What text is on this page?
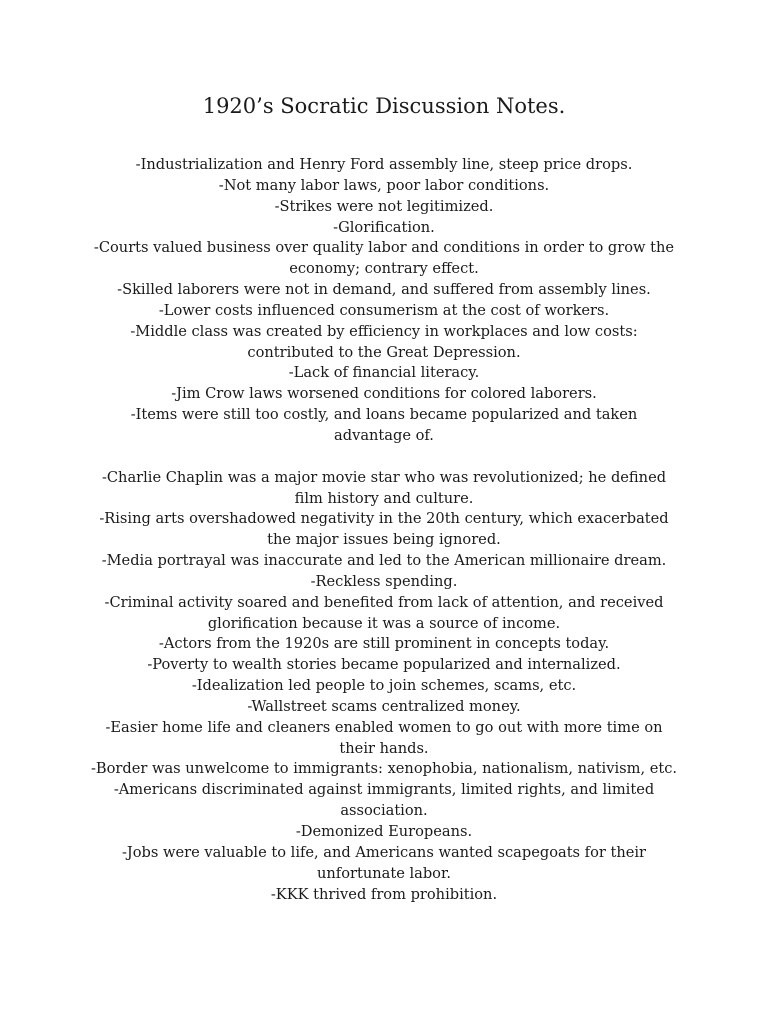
1920’s Socratic Discussion Notes.

-Industrialization and Henry Ford assembly line, steep price drops.

-Not many labor laws, poor labor conditions.

-Strikes were not legitimized.

-Glorification.

-Courts valued business over quality labor and conditions in order to grow the economy; contrary effect.

-Skilled laborers were not in demand, and suffered from assembly lines.

-Lower costs influenced consumerism at the cost of workers.

-Middle class was created by efficiency in workplaces and low costs: contributed to the Great Depression.

-Lack of financial literacy.

-Jim Crow laws worsened conditions for colored laborers.

-Items were still too costly, and loans became popularized and taken advantage of.

-Charlie Chaplin was a major movie star who was revolutionized; he defined film history and culture.

-Rising arts overshadowed negativity in the 20th century, which exacerbated the major issues being ignored.

-Media portrayal was inaccurate and led to the American millionaire dream.

-Reckless spending.

-Criminal activity soared and benefited from lack of attention, and received glorification because it was a source of income.

-Actors from the 1920s are still prominent in concepts today.

-Poverty to wealth stories became popularized and internalized.

-Idealization led people to join schemes, scams, etc.

-Wallstreet scams centralized money.

-Easier home life and cleaners enabled women to go out with more time on their hands.

-Border was unwelcome to immigrants: xenophobia, nationalism, nativism, etc.

-Americans discriminated against immigrants, limited rights, and limited association.

-Demonized Europeans.

-Jobs were valuable to life, and Americans wanted scapegoats for their unfortunate labor.

-KKK thrived from prohibition.
